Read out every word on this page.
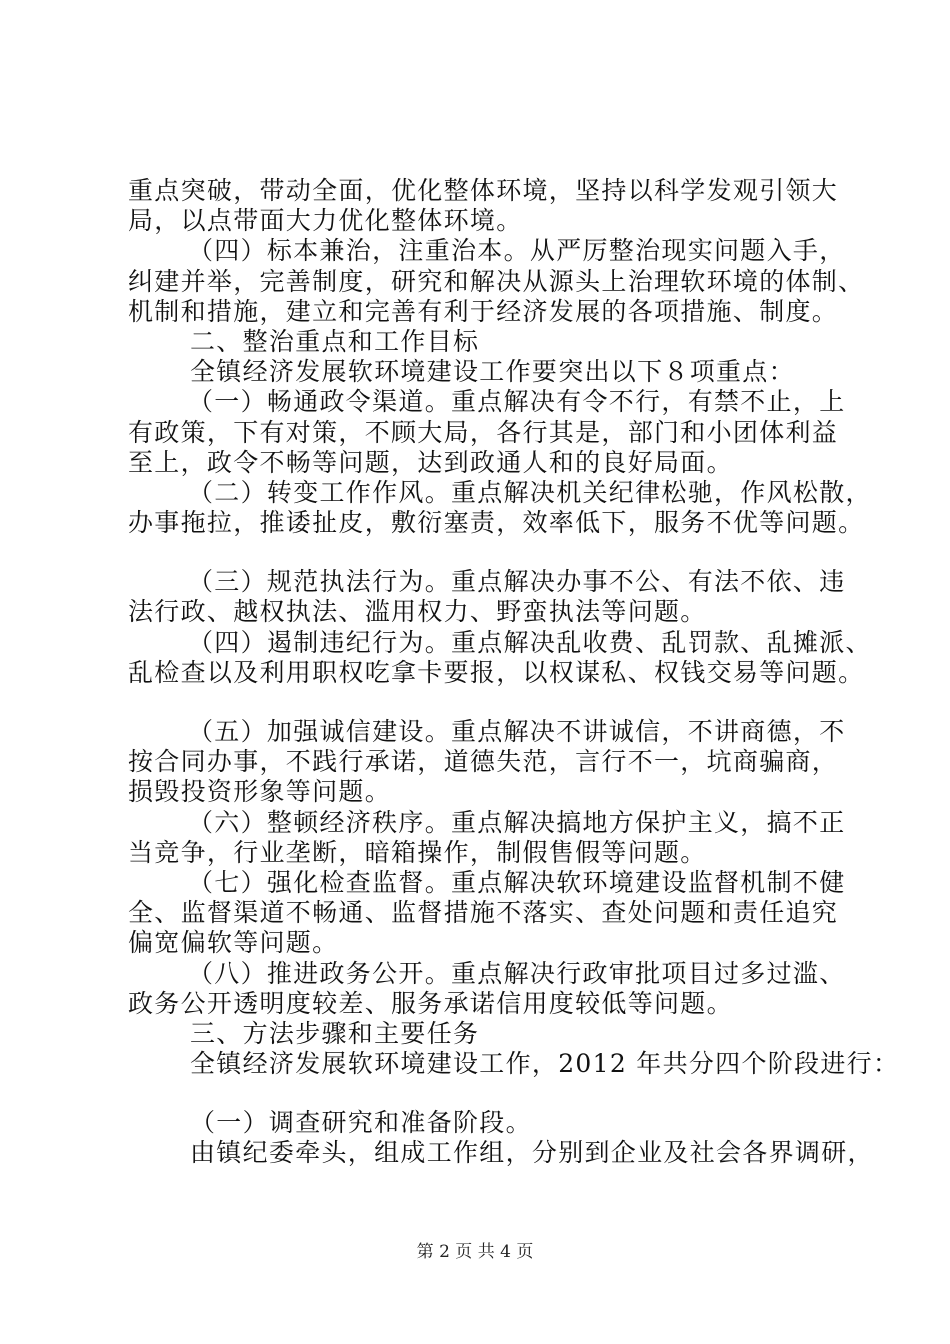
重点突破，带动全面，优化整体环境，坚持以科学发观引领大
局，以点带面大力优化整体环境。
（四）标本兼治，注重治本。从严厉整治现实问题入手，
纠建并举，完善制度，研究和解决从源头上治理软环境的体制、
机制和措施，建立和完善有利于经济发展的各项措施、制度。
二、整治重点和工作目标
全镇经济发展软环境建设工作要突出以下８项重点：
（一）畅通政令渠道。重点解决有令不行，有禁不止，上
有政策，下有对策，不顾大局，各行其是，部门和小团体利益
至上，政令不畅等问题，达到政通人和的良好局面。
（二）转变工作作风。重点解决机关纪律松驰，作风松散，
办事拖拉，推诿扯皮，敷衍塞责，效率低下，服务不优等问题。
（三）规范执法行为。重点解决办事不公、有法不依、违
法行政、越权执法、滥用权力、野蛮执法等问题。
（四）遏制违纪行为。重点解决乱收费、乱罚款、乱摊派、
乱检查以及利用职权吃拿卡要报，以权谋私、权钱交易等问题。
（五）加强诚信建设。重点解决不讲诚信，不讲商德，不
按合同办事，不践行承诺，道德失范，言行不一，坑商骗商，
损毁投资形象等问题。
（六）整顿经济秩序。重点解决搞地方保护主义，搞不正
当竞争，行业垄断，暗箱操作，制假售假等问题。
（七）强化检查监督。重点解决软环境建设监督机制不健
全、监督渠道不畅通、监督措施不落实、查处问题和责任追究
偏宽偏软等问题。
（八）推进政务公开。重点解决行政审批项目过多过滥、
政务公开透明度较差、服务承诺信用度较低等问题。
三、方法步骤和主要任务
全镇经济发展软环境建设工作，2012 年共分四个阶段进行：
（一）调查研究和准备阶段。
由镇纪委牵头，组成工作组，分别到企业及社会各界调研，
第 2 页 共 4 页
